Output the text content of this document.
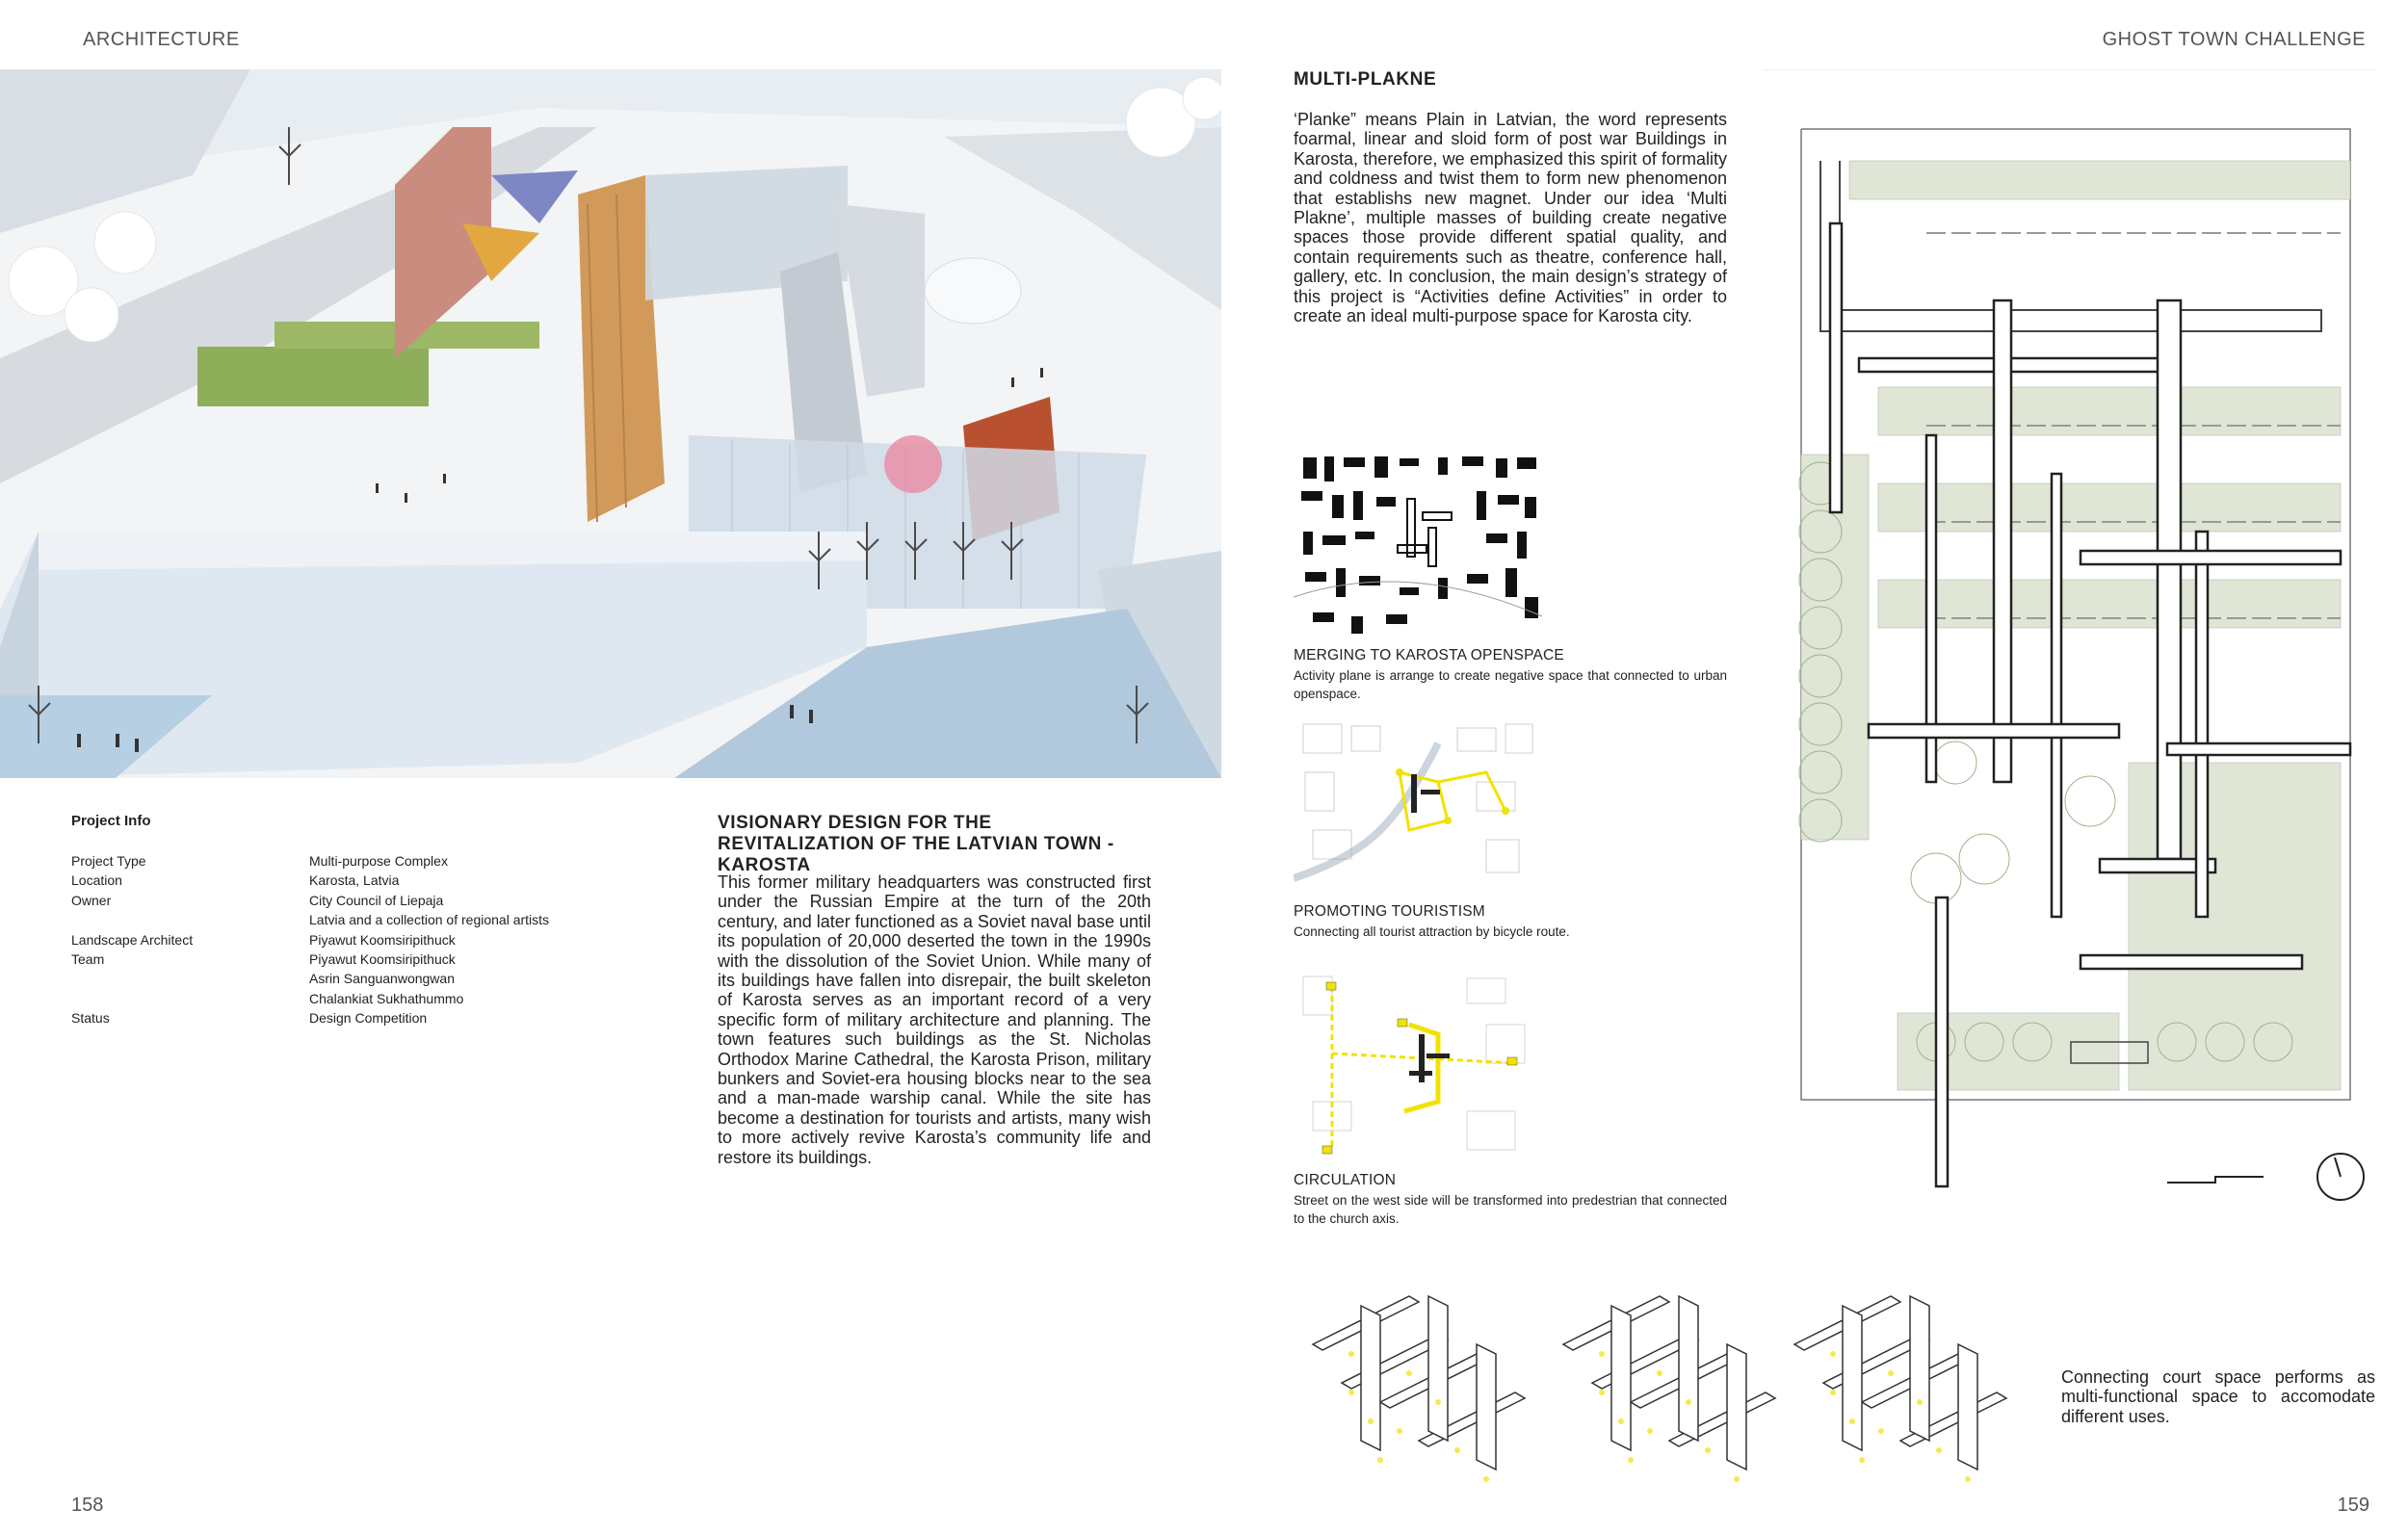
ARCHITECTURE	GHOST TOWN CHALLENGE
Project Info
Project Type	Multi-purpose Complex
Location	Karosta, Latvia
Owner	City Council of Liepaja
Latvia and a collection of regional artists
Landscape Architect	Piyawut Koomsiripithuck
Team	Piyawut Koomsiripithuck
Asrin Sanguanwongwan
Chalankiat Sukhathummo
Status	Design Competition
VISIONARY DESIGN FOR THE REVITALIZATION OF THE LATVIAN TOWN - KAROSTA
This former military headquarters was constructed first under the Russian Empire at the turn of the 20th century, and later functioned as a Soviet naval base until its population of 20,000 deserted the town in the 1990s with the dissolution of the Soviet Union. While many of its buildings have fallen into disrepair, the built skeleton of Karosta serves as an important record of a very specific form of military architecture and planning. The town features such buildings as the St. Nicholas Orthodox Marine Cathedral, the Karosta Prison, military bunkers and Soviet-era housing blocks near to the sea and a man-made warship canal. While the site has become a destination for tourists and artists, many wish to more actively revive Karosta’s community life and restore its buildings.
MULTI-PLAKNE
‘Planke” means Plain in Latvian, the word represents foarmal, linear and sloid form of post war Buildings in Karosta, therefore, we emphasized this spirit of formality and coldness and twist them to form new phenomenon that establishs new magnet. Under our idea ‘Multi Plakne’, multiple masses of building create negative spaces those provide different spatial quality, and contain requirements such as theatre, conference hall, gallery, etc. In conclusion, the main design’s strategy of this project is “Activities define Activities” in order to create an ideal multi-purpose space for Karosta city.
MERGING TO KAROSTA OPENSPACE
Activity plane is arrange to create negative space that connected to urban openspace.
PROMOTING TOURISTISM
Connecting all tourist attraction by bicycle route.
CIRCULATION
Street on the west side will be transformed into predestrian that connected to the church axis.
Connecting court space performs as multi-functional space to accomodate different uses.
158	159
